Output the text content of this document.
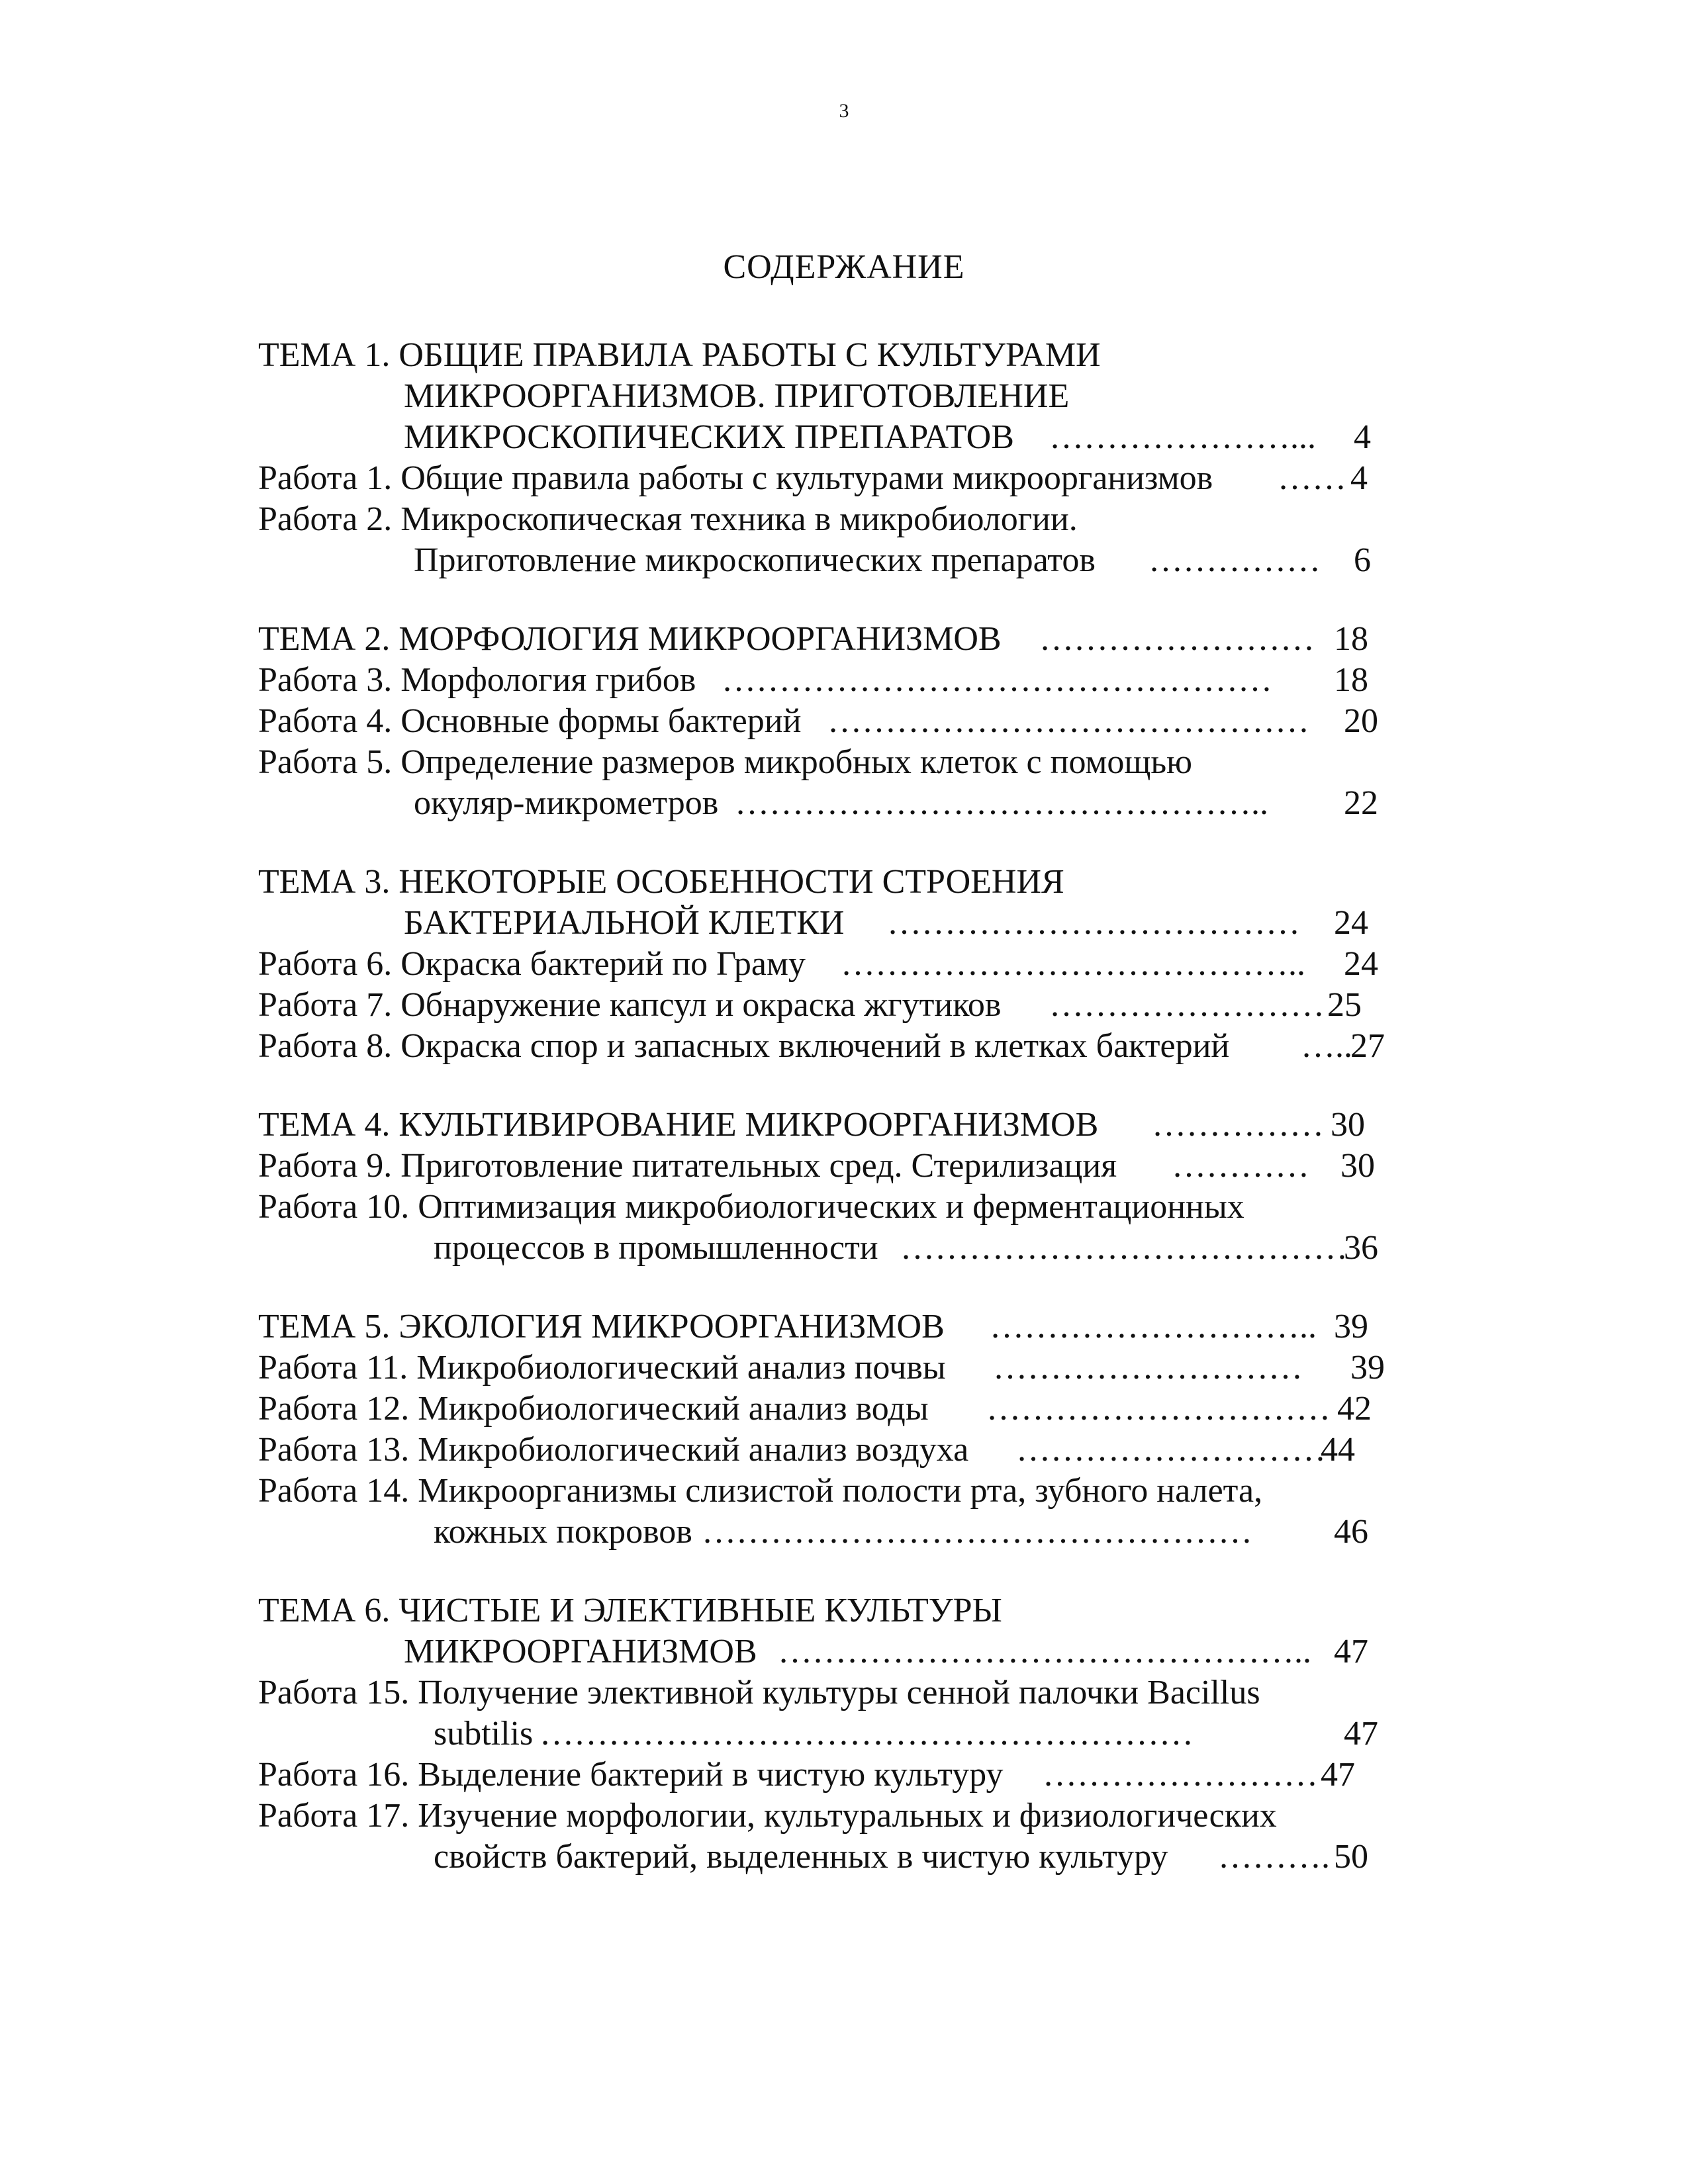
3
СОДЕРЖАНИЕ
ТЕМА 1. ОБЩИЕ ПРАВИЛА РАБОТЫ С КУЛЬТУРАМИ
МИКРООРГАНИЗМОВ. ПРИГОТОВЛЕНИЕ
МИКРОСКОПИЧЕСКИХ ПРЕПАРАТОВ …………………... 4
Работа 1. Общие правила работы с культурами микроорганизмов …… 4
Работа 2. Микроскопическая техника в микробиологии.
Приготовление микроскопических препаратов …………… 6
ТЕМА 2. МОРФОЛОГИЯ МИКРООРГАНИЗМОВ …………………… 18
Работа 3. Морфология грибов ………………………………………… 18
Работа 4. Основные формы бактерий …………………………………… 20
Работа 5. Определение размеров микробных клеток с помощью
окуляр-микрометров ……………………………………….. 22
ТЕМА 3. НЕКОТОРЫЕ ОСОБЕННОСТИ СТРОЕНИЯ
БАКТЕРИАЛЬНОЙ КЛЕТКИ ……………………………… 24
Работа 6. Окраска бактерий по Граму ………………………………….. 24
Работа 7. Обнаружение капсул и окраска жгутиков …………………… 25
Работа 8. Окраска спор и запасных включений в клетках бактерий …..
27
ТЕМА 4. КУЛЬТИВИРОВАНИЕ МИКРООРГАНИЗМОВ …………… 30
Работа 9. Приготовление питательных сред. Стерилизация ………… 30
Работа 10. Оптимизация микробиологических и ферментационных
процессов в промышленности …………………………………
36
ТЕМА 5. ЭКОЛОГИЯ МИКРООРГАНИЗМОВ ……………………….. 39
Работа 11. Микробиологический анализ почвы ……………………… 39
Работа 12. Микробиологический анализ воды ………………………… 42
Работа 13. Микробиологический анализ воздуха ………………………
44
Работа 14. Микроорганизмы слизистой полости рта, зубного налета,
кожных покровов ………………………………………… 46
ТЕМА 6. ЧИСТЫЕ И ЭЛЕКТИВНЫЕ КУЛЬТУРЫ
МИКРООРГАНИЗМОВ ……………………………………….. 47
Работа 15. Получение элективной культуры сенной палочки Bacillus
subtilis …………………………………………………	47
Работа 16. Выделение бактерий в чистую культуру …………………… 47
Работа 17. Изучение морфологии, культуральных и физиологических
свойств бактерий, выделенных в чистую культуру ………. 50
